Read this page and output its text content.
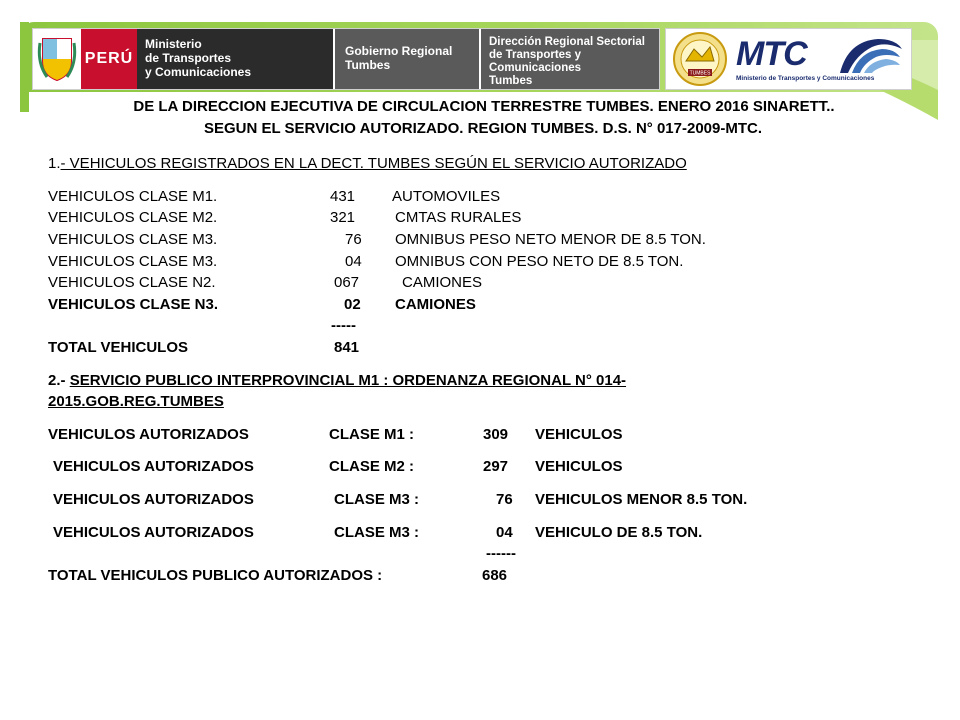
PERÚ
Ministerio
de Transportes
y Comunicaciones
Gobierno Regional
Tumbes
Dirección Regional Sectorial
de Transportes y Comunicaciones
Tumbes
TUMBES
MTC
Ministerio de Transportes y Comunicaciones
DE LA DIRECCION EJECUTIVA DE CIRCULACION TERRESTRE TUMBES. ENERO 2016 SINARETT..
SEGUN EL SERVICIO AUTORIZADO. REGION TUMBES. D.S. N° 017-2009-MTC.
1.- VEHICULOS REGISTRADOS EN LA DECT. TUMBES SEGÚN EL SERVICIO AUTORIZADO
VEHICULOS CLASE M1.	431 AUTOMOVILES
VEHICULOS CLASE M2.	321	CMTAS RURALES
VEHICULOS CLASE M3.	76 OMNIBUS PESO NETO MENOR DE 8.5 TON.
VEHICULOS CLASE M3.	04 OMNIBUS CON PESO NETO DE 8.5 TON.
VEHICULOS CLASE N2.	067	CAMIONES
VEHICULOS CLASE N3.	02 CAMIONES
-----
TOTAL VEHICULOS	841
2.- SERVICIO PUBLICO INTERPROVINCIAL M1 : ORDENANZA REGIONAL N° 014-
2015.GOB.REG.TUMBES
VEHICULOS AUTORIZADOS	CLASE M1 :	309 VEHICULOS
VEHICULOS AUTORIZADOS	CLASE M2 :	297 VEHICULOS
VEHICULOS AUTORIZADOS	CLASE M3 :	76 VEHICULOS MENOR 8.5 TON.
VEHICULOS AUTORIZADOS	CLASE M3 :	04 VEHICULO DE 8.5 TON.
------
TOTAL VEHICULOS PUBLICO AUTORIZADOS :	686
